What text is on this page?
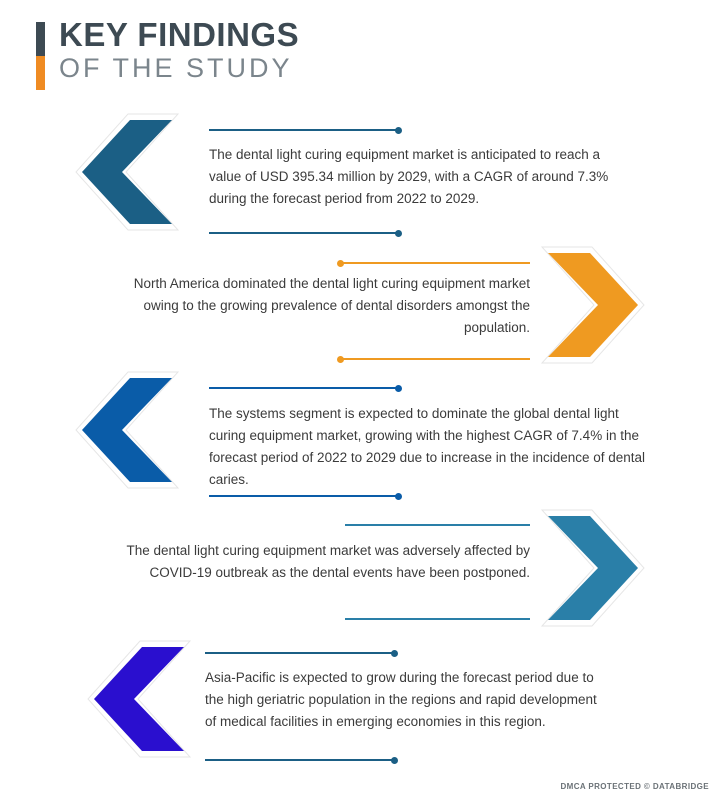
KEY FINDINGS
OF THE STUDY
The dental light curing equipment market is anticipated to reach a value of USD 395.34 million by 2029, with a CAGR of around 7.3% during the forecast period from 2022 to 2029.
North America dominated the dental light curing equipment market owing to the growing prevalence of dental disorders amongst the population.
The systems segment is expected to dominate the global dental light curing equipment market, growing with the highest CAGR of 7.4% in the forecast period of 2022 to 2029 due to increase in the incidence of dental caries.
The dental light curing equipment market was adversely affected by COVID-19 outbreak as the dental events have been postponed.
Asia-Pacific is expected to grow during the forecast period due to the high geriatric population in the regions and rapid development of medical facilities in emerging economies in this region.
DMCA PROTECTED © DATABRIDGE
